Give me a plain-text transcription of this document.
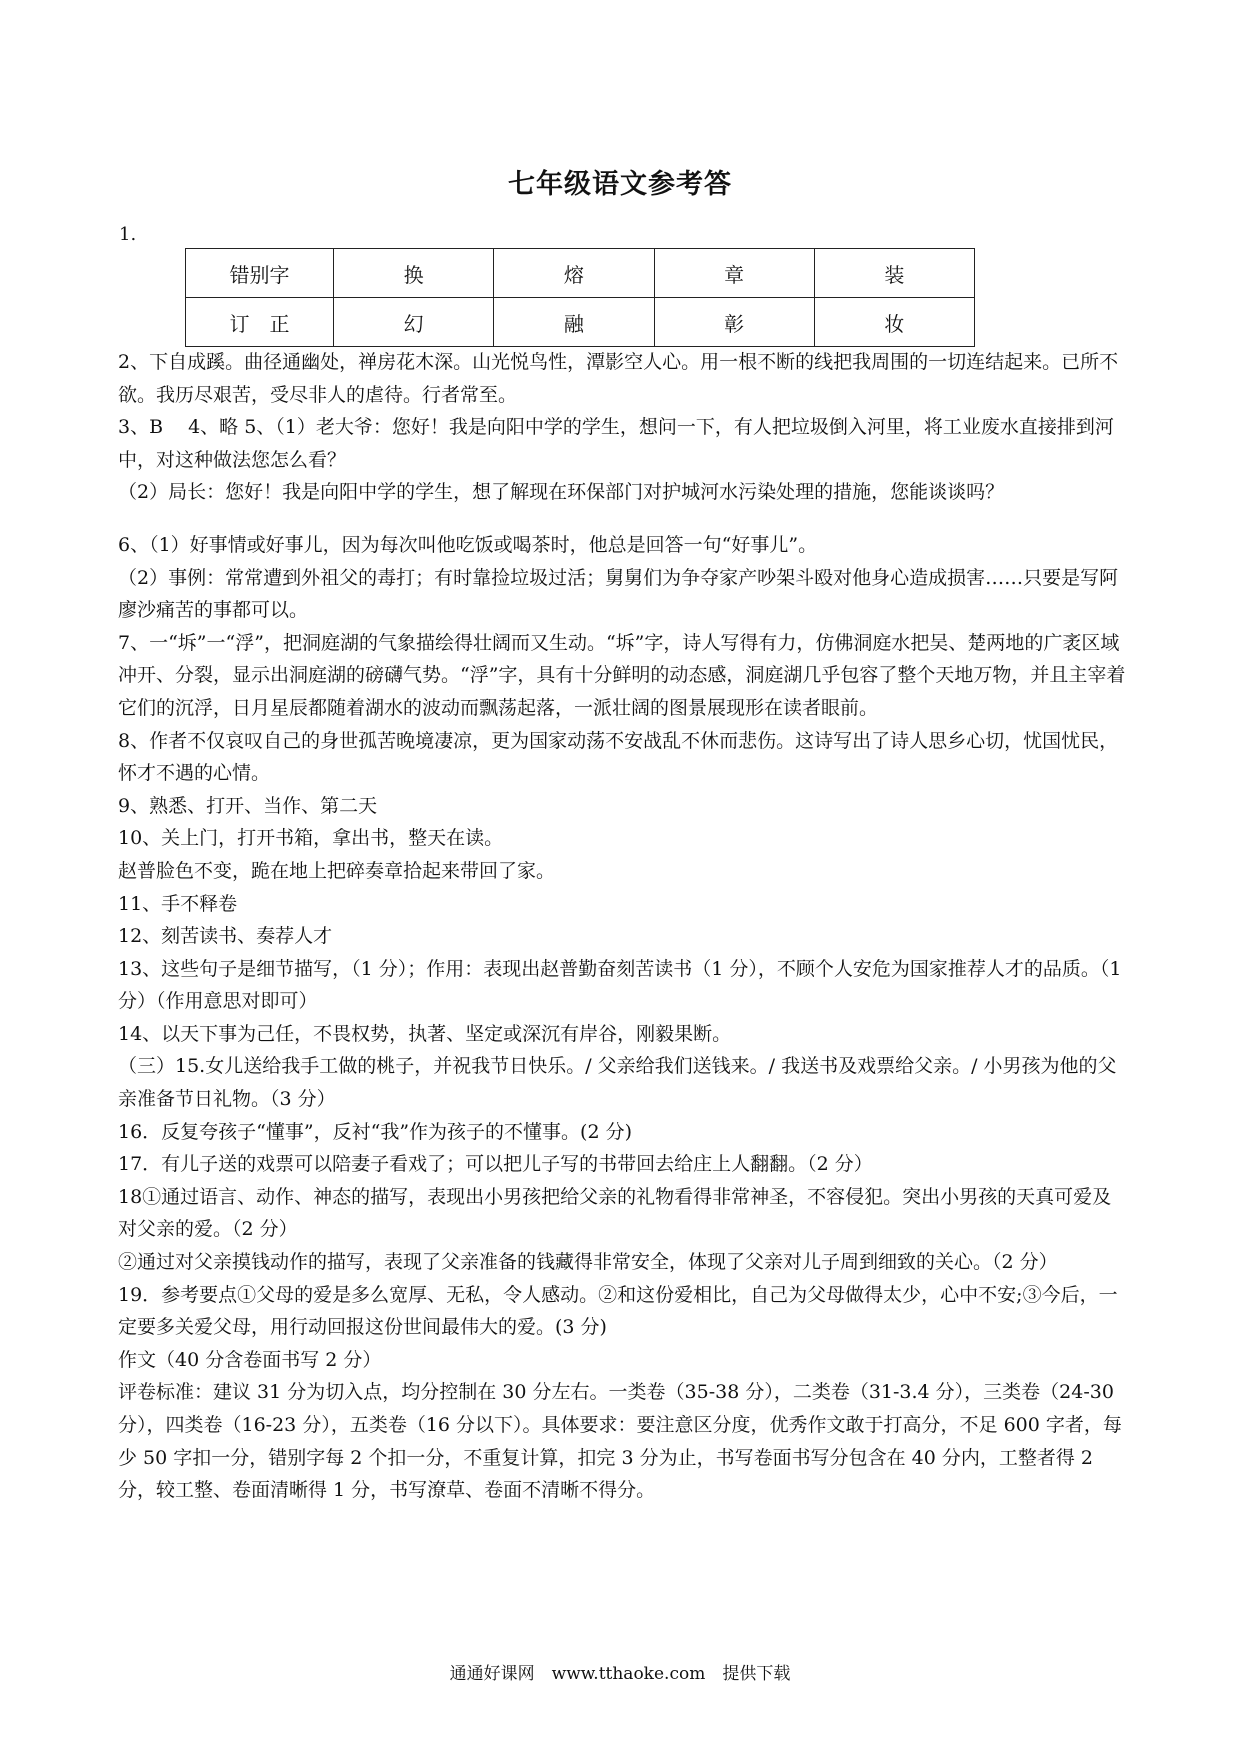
七年级语文参考答
1.
错别字	换	熔	章	装
订　正	幻	融	彰	妆

2、下自成蹊。曲径通幽处，禅房花木深。山光悦鸟性，潭影空人心。用一根不断的线把我周围的一切连结起来。已所不欲。我历尽艰苦，受尽非人的虐待。行者常至。

3、B　 4、略 5、（1）老大爷：您好！我是向阳中学的学生，想问一下，有人把垃圾倒入河里，将工业废水直接排到河中，对这种做法您怎么看？

（2）局长：您好！我是向阳中学的学生，想了解现在环保部门对护城河水污染处理的措施，您能谈谈吗？

6、（1）好事情或好事儿，因为每次叫他吃饭或喝茶时，他总是回答一句“好事儿”。

（2）事例：常常遭到外祖父的毒打；有时靠捡垃圾过活；舅舅们为争夺家产吵架斗殴对他身心造成损害……只要是写阿廖沙痛苦的事都可以。

7、一“坼”一“浮”，把洞庭湖的气象描绘得壮阔而又生动。“坼”字，诗人写得有力，仿佛洞庭水把吴、楚两地的广袤区域冲开、分裂，显示出洞庭湖的磅礴气势。“浮”字，具有十分鲜明的动态感，洞庭湖几乎包容了整个天地万物，并且主宰着它们的沉浮，日月星辰都随着湖水的波动而飘荡起落，一派壮阔的图景展现形在读者眼前。

8、作者不仅哀叹自己的身世孤苦晚境凄凉，更为国家动荡不安战乱不休而悲伤。这诗写出了诗人思乡心切，忧国忧民，怀才不遇的心情。

9、熟悉、打开、当作、第二天

10、关上门，打开书箱，拿出书，整天在读。

赵普脸色不变，跪在地上把碎奏章拾起来带回了家。

11、手不释卷

12、刻苦读书、奏荐人才

13、这些句子是细节描写，（1 分）；作用：表现出赵普勤奋刻苦读书（1 分），不顾个人安危为国家推荐人才的品质。（1 分）（作用意思对即可）

14、以天下事为己任，不畏权势，执著、坚定或深沉有岸谷，刚毅果断。

（三）15.女儿送给我手工做的桃子，并祝我节日快乐。/ 父亲给我们送钱来。/ 我送书及戏票给父亲。/ 小男孩为他的父亲准备节日礼物。（3 分）

16．反复夸孩子“懂事”，反衬“我”作为孩子的不懂事。(2 分)

17．有儿子送的戏票可以陪妻子看戏了；可以把儿子写的书带回去给庄上人翻翻。（2 分）

18①通过语言、动作、神态的描写，表现出小男孩把给父亲的礼物看得非常神圣，不容侵犯。突出小男孩的天真可爱及对父亲的爱。（2 分）

②通过对父亲摸钱动作的描写，表现了父亲准备的钱藏得非常安全，体现了父亲对儿子周到细致的关心。（2 分）

19．参考要点①父母的爱是多么宽厚、无私，令人感动。②和这份爱相比，自己为父母做得太少，心中不安;③今后，一定要多关爱父母，用行动回报这份世间最伟大的爱。(3 分)

作文（40 分含卷面书写 2 分）

评卷标准：建议 31 分为切入点，均分控制在 30 分左右。一类卷（35-38 分），二类卷（31-3.4 分），三类卷（24-30 分），四类卷（16-23 分），五类卷（16 分以下）。具体要求：要注意区分度，优秀作文敢于打高分，不足 600 字者，每少 50 字扣一分，错别字每 2 个扣一分，不重复计算，扣完 3 分为止，书写卷面书写分包含在 40 分内，工整者得 2 分，较工整、卷面清晰得 1 分，书写潦草、卷面不清晰不得分。

通通好课网　www.tthaoke.com　提供下载
